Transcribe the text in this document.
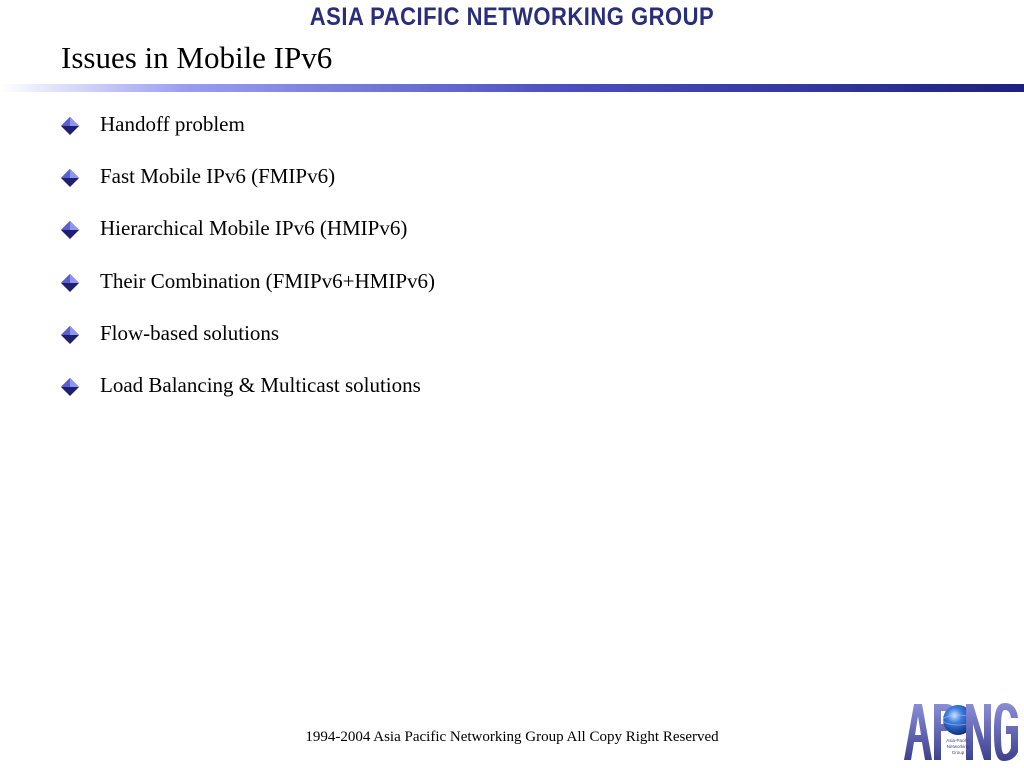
ASIA PACIFIC NETWORKING GROUP
Issues in Mobile IPv6
Handoff problem
Fast Mobile IPv6 (FMIPv6)
Hierarchical Mobile IPv6 (HMIPv6)
Their Combination (FMIPv6+HMIPv6)
Flow-based solutions
Load Balancing & Multicast solutions
1994-2004 Asia Pacific Networking Group All Copy Right Reserved	Asia-Pacific
Networking
Group
